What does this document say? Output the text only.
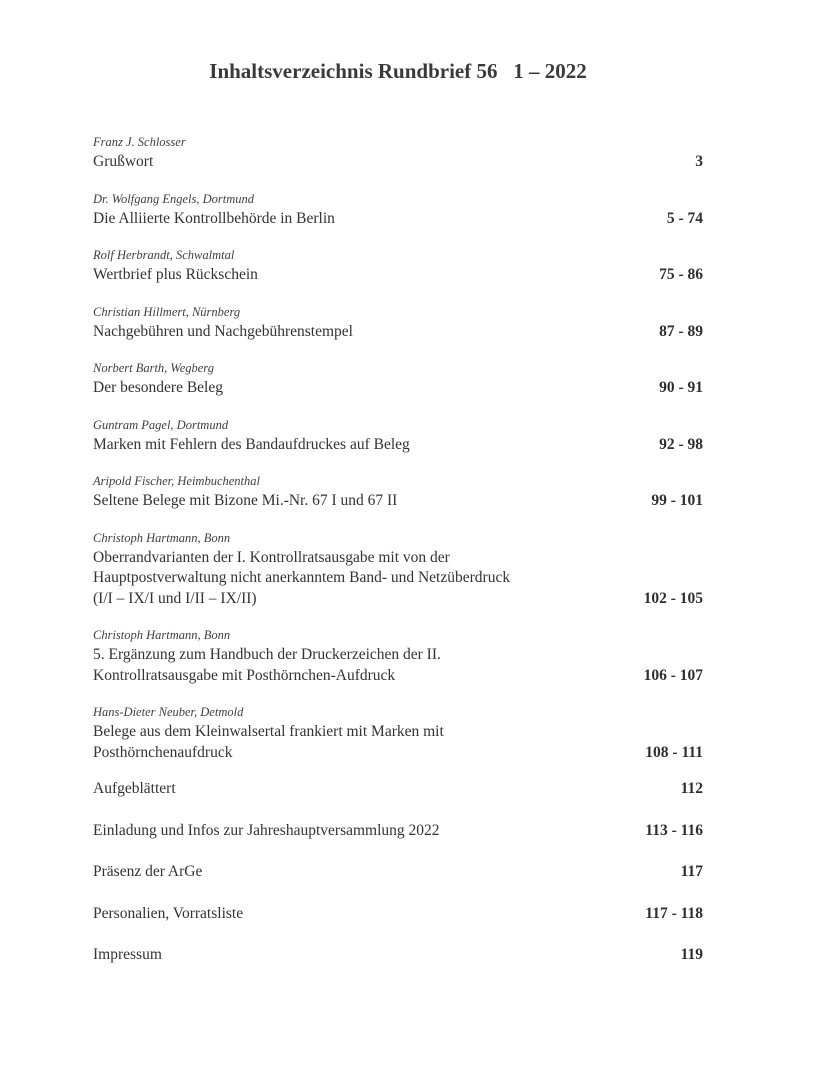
Inhaltsverzeichnis Rundbrief 56   1 – 2022
Franz J. Schlosser
Grußwort	3
Dr. Wolfgang Engels, Dortmund
Die Alliierte Kontrollbehörde in Berlin	5 - 74
Rolf Herbrandt, Schwalmtal
Wertbrief plus Rückschein	75 - 86
Christian Hillmert, Nürnberg
Nachgebühren und Nachgebührenstempel	87 - 89
Norbert Barth, Wegberg
Der besondere Beleg	90 - 91
Guntram Pagel, Dortmund
Marken mit Fehlern des Bandaufdruckes auf Beleg	92 - 98
Aripold Fischer, Heimbuchenthal
Seltene Belege mit Bizone Mi.-Nr. 67 I und 67 II	99 - 101
Christoph Hartmann, Bonn
Oberrandvarianten der I. Kontrollratsausgabe mit von der
Hauptpostverwaltung nicht anerkanntem Band- und Netzüberdruck
(I/I – IX/I und I/II – IX/II)	102 - 105
Christoph Hartmann, Bonn
5. Ergänzung zum Handbuch der Druckerzeichen der II.
Kontrollratsausgabe mit Posthörnchen-Aufdruck	106 - 107
Hans-Dieter Neuber, Detmold
Belege aus dem Kleinwalsertal frankiert mit Marken mit
Posthörnchenaufdruck	108 - 111
Aufgeblättert	112
Einladung und Infos zur Jahreshauptversammlung 2022	113 - 116
Präsenz der ArGe	117
Personalien, Vorratsliste	117 - 118
Impressum	119
